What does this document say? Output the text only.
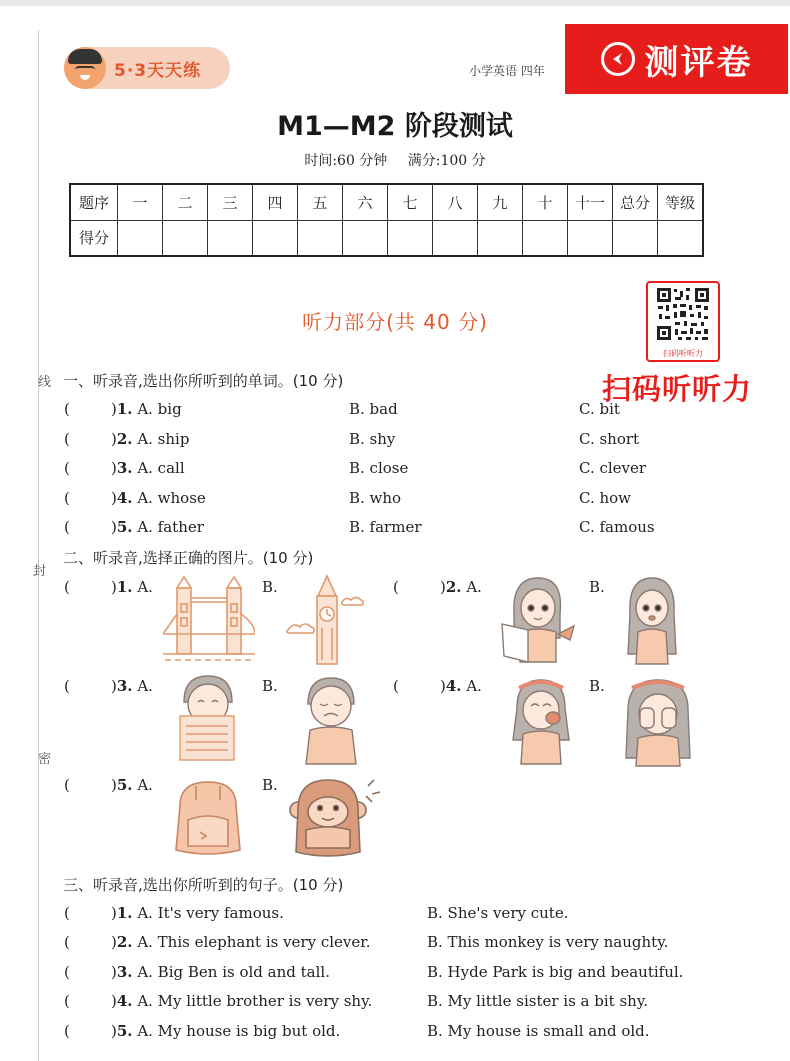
线
封
密
5·3天天练	小学英语 四年	测评卷
M1—M2 阶段测试
时间:60 分钟 满分:100 分
题序	一	二	三	四	五	六	七	八	九	十	十一	总分	等级
得分													
听力部分(共 40 分)
扫码听听力
扫码听听力
一、听录音,选出你所听到的单词。(10 分)
(	)1. A. big	B. bad	C. bit
(	)2. A. ship	B. shy	C. short
(	)3. A. call	B. close	C. clever
(	)4. A. whose	B. who	C. how
(	)5. A. father	B. farmer	C. famous
二、听录音,选择正确的图片。(10 分)
(	)1. A.	B.	(	)2. A.	B.
(	)3. A.	B.	(	)4. A.	B.
(	)5. A.	B.
三、听录音,选出你所听到的句子。(10 分)
(	)1. A. It's very famous.	B. She's very cute.
(	)2. A. This elephant is very clever.	B. This monkey is very naughty.
(	)3. A. Big Ben is old and tall.	B. Hyde Park is big and beautiful.
(	)4. A. My little brother is very shy.	B. My little sister is a bit shy.
(	)5. A. My house is big but old.	B. My house is small and old.
